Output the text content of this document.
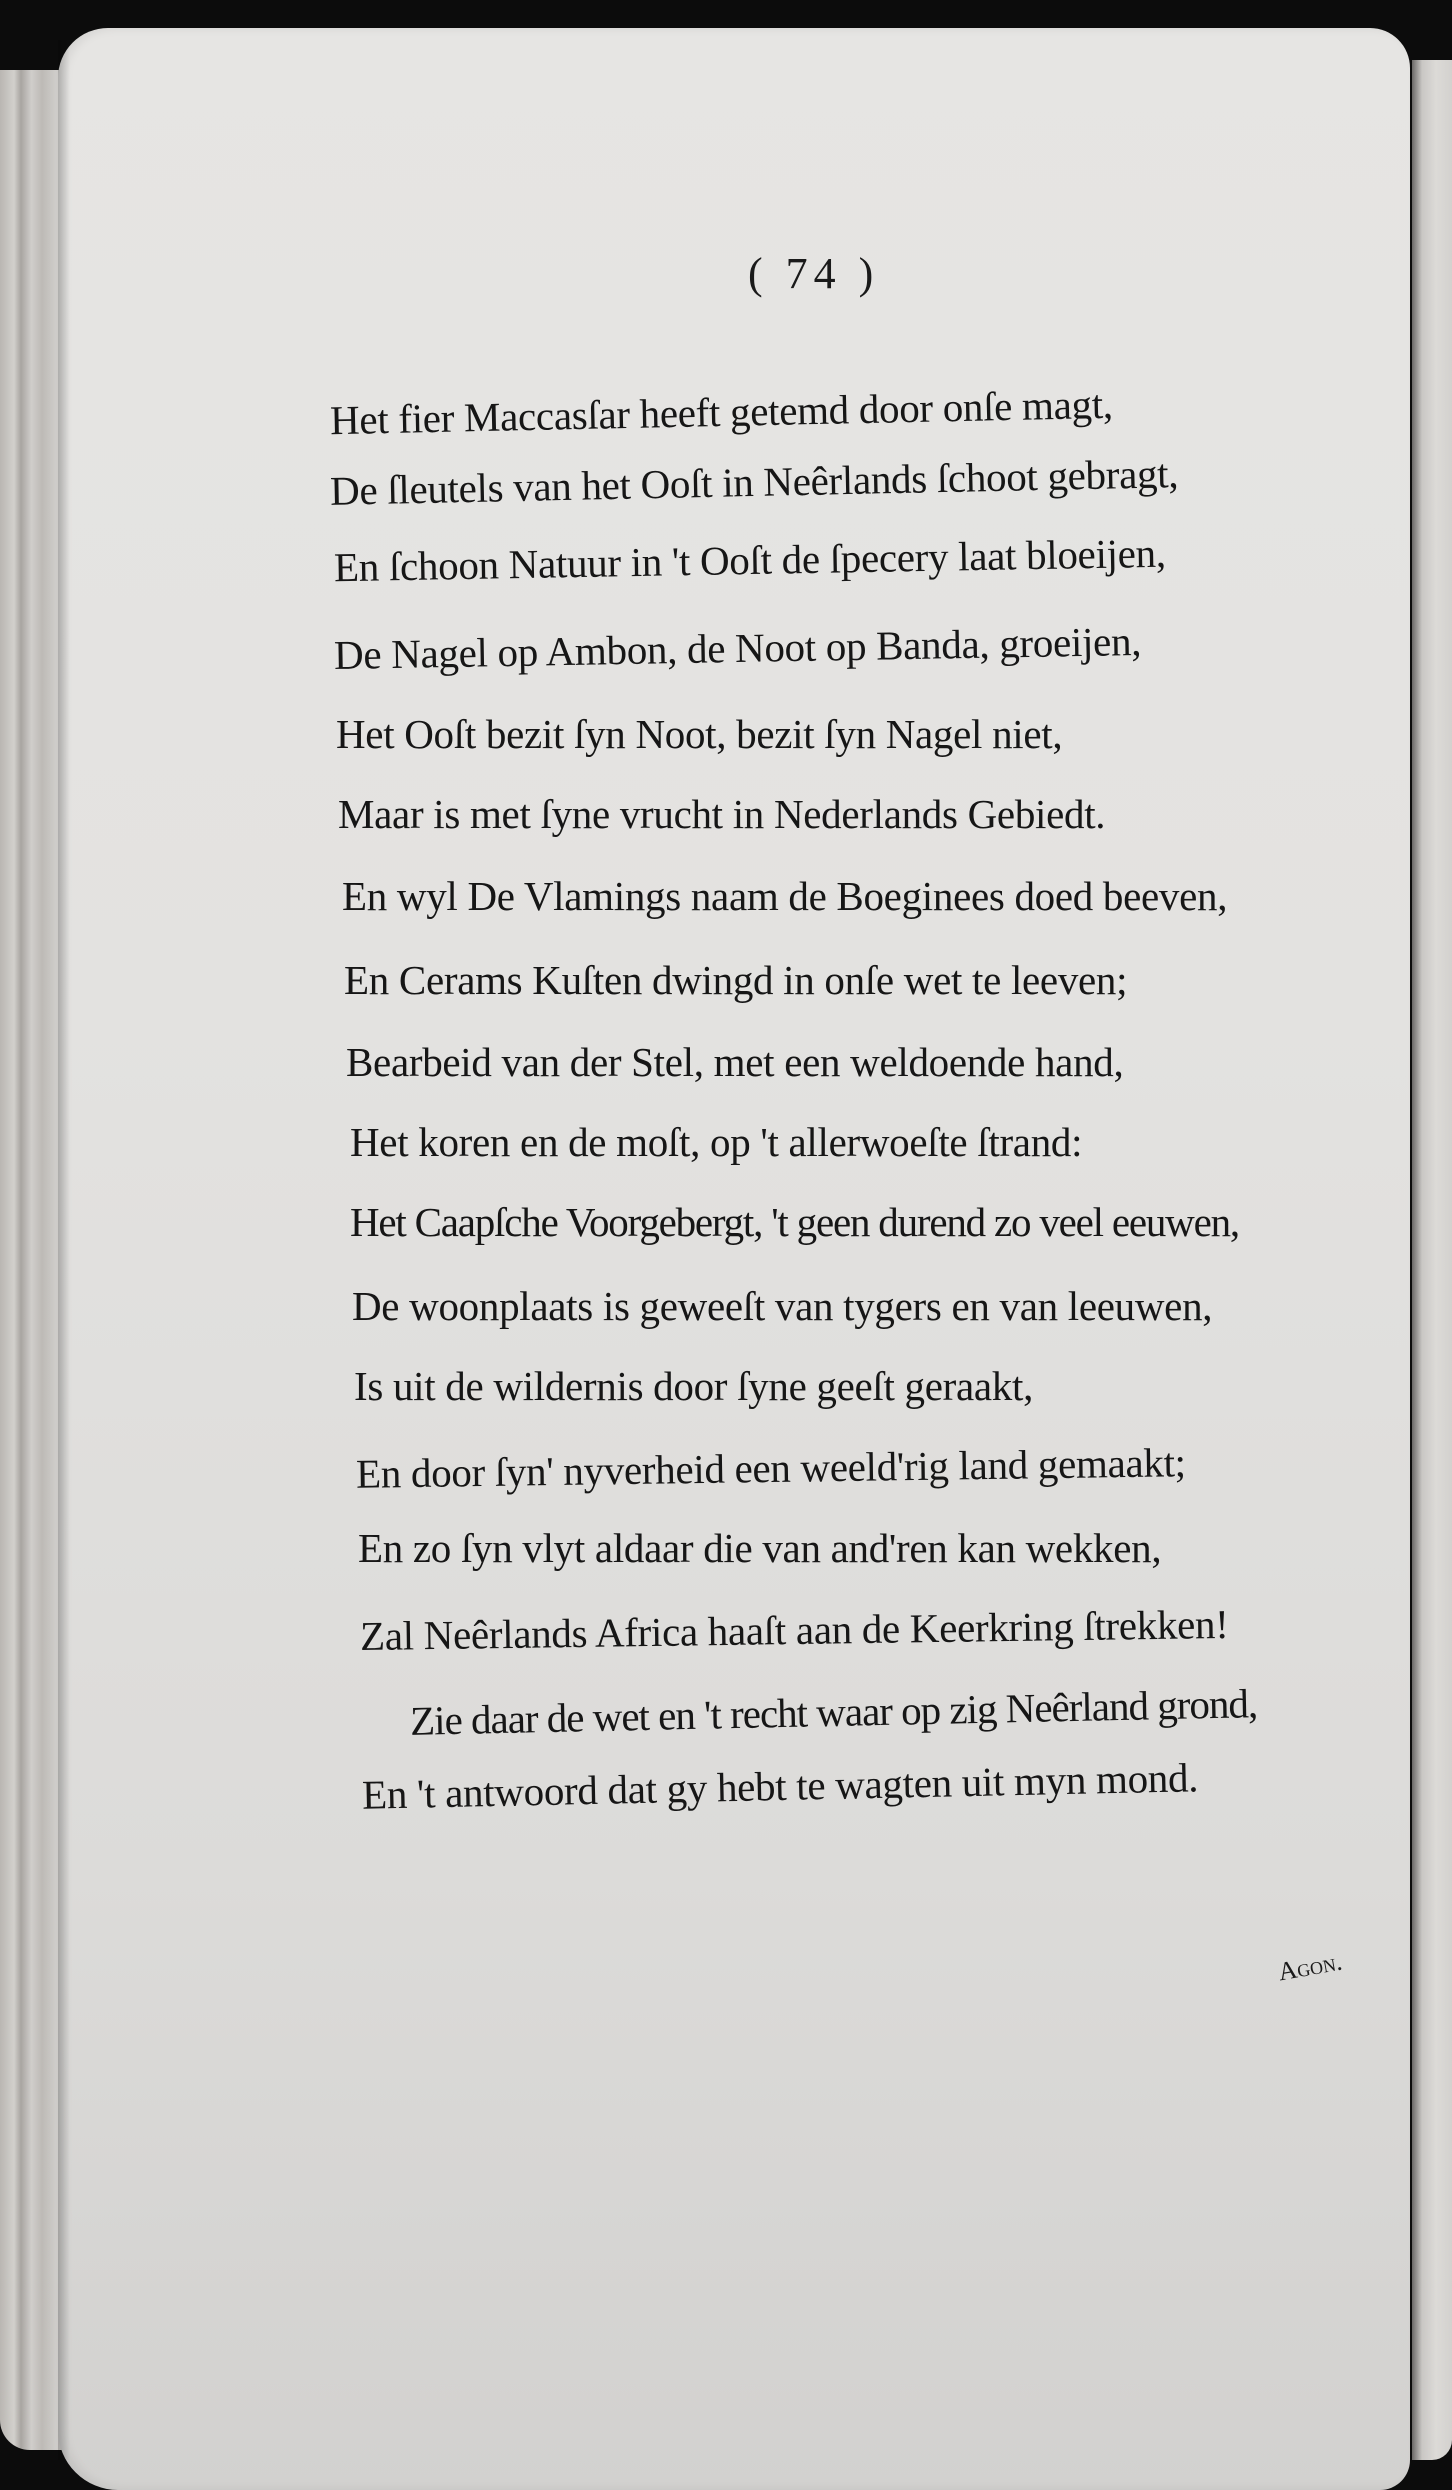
( 74 )
Het fier Maccasſar heeft getemd door onſe magt,
De ſleutels van het Ooſt in Neêrlands ſchoot gebragt,
En ſchoon Natuur in 't Ooſt de ſpecery laat bloeijen,
De Nagel op Ambon, de Noot op Banda, groeijen,
Het Ooſt bezit ſyn Noot, bezit ſyn Nagel niet,
Maar is met ſyne vrucht in Nederlands Gebiedt.
En wyl De Vlamings naam de Boeginees doed beeven,
En Cerams Kuſten dwingd in onſe wet te leeven;
Bearbeid van der Stel, met een weldoende hand,
Het koren en de moſt, op 't allerwoeſte ſtrand:
Het Caapſche Voorgebergt, 't geen durend zo veel eeuwen,
De woonplaats is geweeſt van tygers en van leeuwen,
Is uit de wildernis door ſyne geeſt geraakt,
En door ſyn' nyverheid een weeld'rig land gemaakt;
En zo ſyn vlyt aldaar die van and'ren kan wekken,
Zal Neêrlands Africa haaſt aan de Keerkring ſtrekken!
Zie daar de wet en 't recht waar op zig Neêrland grond,
En 't antwoord dat gy hebt te wagten uit myn mond.
Agon.
